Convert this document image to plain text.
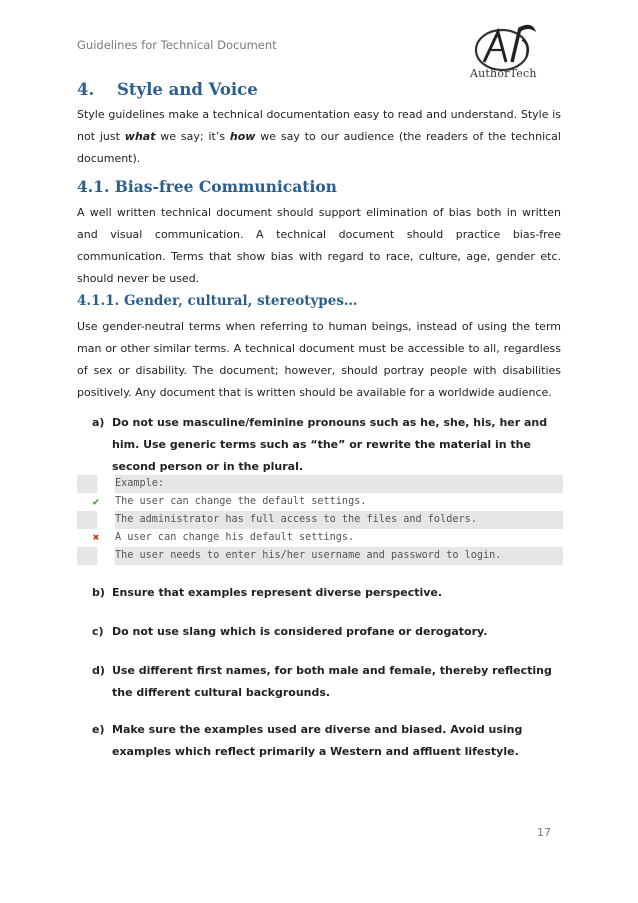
Guidelines for Technical Document
AuthorTech
4.	Style and Voice
Style guidelines make a technical documentation easy to read and understand. Style is not just what we say; it’s how we say to our audience (the readers of the technical document).
4.1. Bias-free Communication
A well written technical document should support elimination of bias both in written and visual communication. A technical document should practice bias-free communication. Terms that show bias with regard to race, culture, age, gender etc. should never be used.
4.1.1. Gender, cultural, stereotypes…
Use gender-neutral terms when referring to human beings, instead of using the term man or other similar terms. A technical document must be accessible to all, regardless of sex or disability. The document; however, should portray people with disabilities positively. Any document that is written should be available for a worldwide audience.
a) Do not use masculine/feminine pronouns such as he, she, his, her and him. Use generic terms such as “the” or rewrite the material in the second person or in the plural.
Example:
✔	The user can change the default settings.
The administrator has full access to the files and folders.
✖	A user can change his default settings.
The user needs to enter his/her username and password to login.
b) Ensure that examples represent diverse perspective.
c) Do not use slang which is considered profane or derogatory.
d) Use different first names, for both male and female, thereby reflecting the different cultural backgrounds.
e) Make sure the examples used are diverse and biased. Avoid using examples which reflect primarily a Western and affluent lifestyle.
17
